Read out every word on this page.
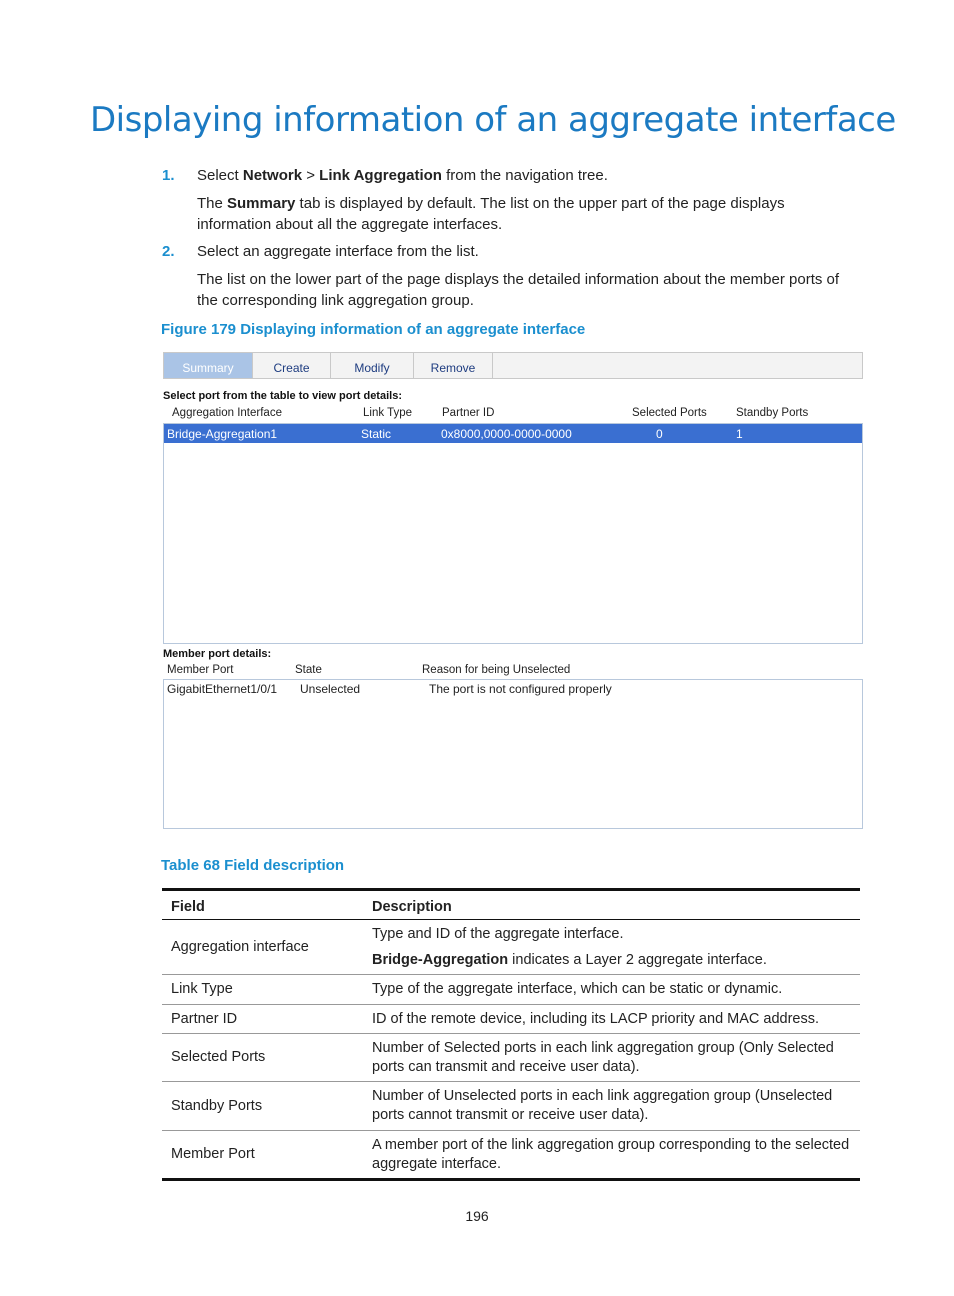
Displaying information of an aggregate interface
1. Select Network > Link Aggregation from the navigation tree.
The Summary tab is displayed by default. The list on the upper part of the page displays
information about all the aggregate interfaces.
2. Select an aggregate interface from the list.
The list on the lower part of the page displays the detailed information about the member ports of
the corresponding link aggregation group.
Figure 179 Displaying information of an aggregate interface
Summary	Create	Modify	Remove
Select port from the table to view port details:
Aggregation Interface	Link Type	Partner ID	Selected Ports	Standby Ports
Bridge-Aggregation1	Static	0x8000,0000-0000-0000	0	1
Member port details:
Member Port	State	Reason for being Unselected
GigabitEthernet1/0/1 Unselected	The port is not configured properly
Table 68 Field description
Field	Description
Aggregation interface	Type and ID of the aggregate interface.

Bridge-Aggregation indicates a Layer 2 aggregate interface.

Link Type	Type of the aggregate interface, which can be static or dynamic.
Partner ID	ID of the remote device, including its LACP priority and MAC address.
Selected Ports	Number of Selected ports in each link aggregation group (Only Selected ports can transmit and receive user data).
Standby Ports	Number of Unselected ports in each link aggregation group (Unselected ports cannot transmit or receive user data).
Member Port	A member port of the link aggregation group corresponding to the selected aggregate interface.
196
